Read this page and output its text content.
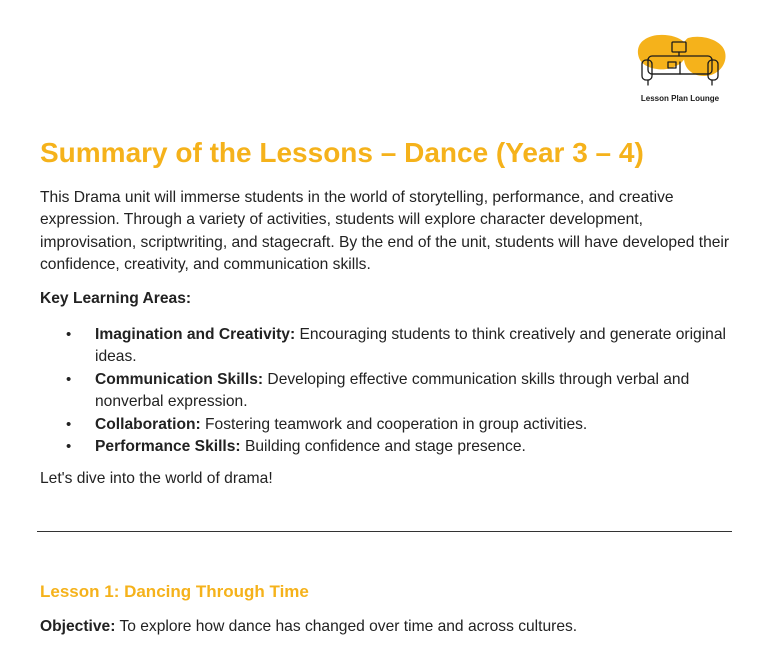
Lesson Plan Lounge
Summary of the Lessons – Dance (Year 3 – 4)

This Drama unit will immerse students in the world of storytelling, performance, and creative expression. Through a variety of activities, students will explore character development, improvisation, scriptwriting, and stagecraft. By the end of the unit, students will have developed their confidence, creativity, and communication skills.

Key Learning Areas:

• Imagination and Creativity: Encouraging students to think creatively and generate original ideas.
• Communication Skills: Developing effective communication skills through verbal and nonverbal expression.
• Collaboration: Fostering teamwork and cooperation in group activities.
• Performance Skills: Building confidence and stage presence.

Let's dive into the world of drama!

Lesson 1: Dancing Through Time

Objective: To explore how dance has changed over time and across cultures.
